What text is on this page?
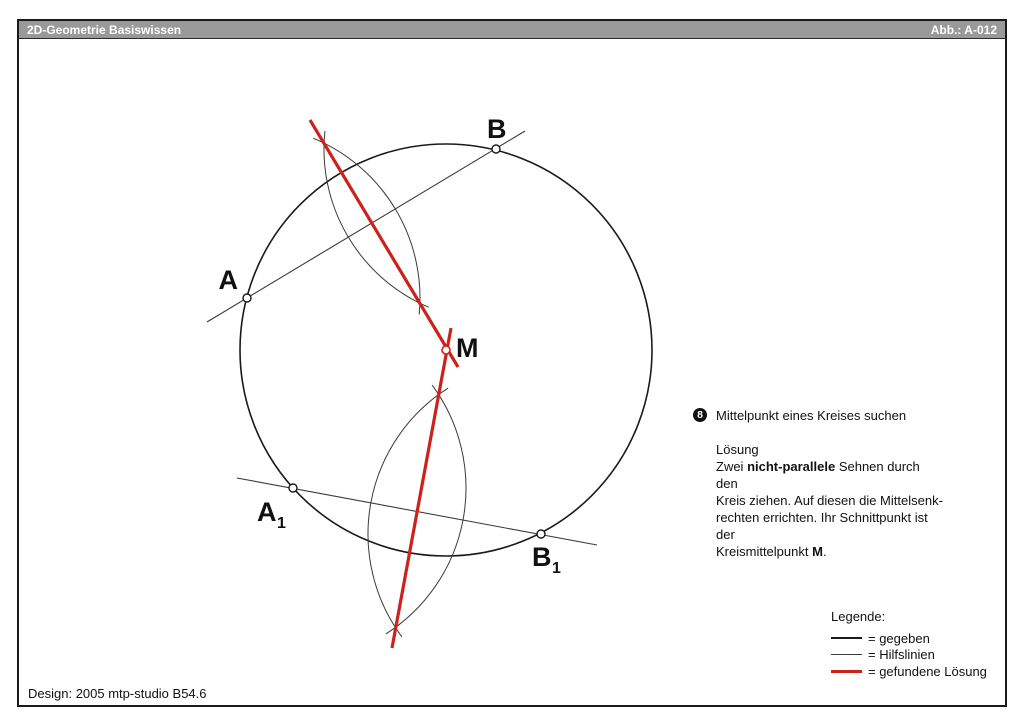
2D-Geometrie Basiswissen	Abb.: A-012
A
B
M
A 1
B 1
8	Mittelpunkt eines Kreises suchen
Lösung
Zwei nicht-parallele Sehnen durch den
Kreis ziehen. Auf diesen die Mittelsenk-
rechten errichten. Ihr Schnittpunkt ist der
Kreismittelpunkt M.
Legende:
= gegeben
= Hilfslinien
= gefundene Lösung
Design: 2005 mtp-studio B54.6
